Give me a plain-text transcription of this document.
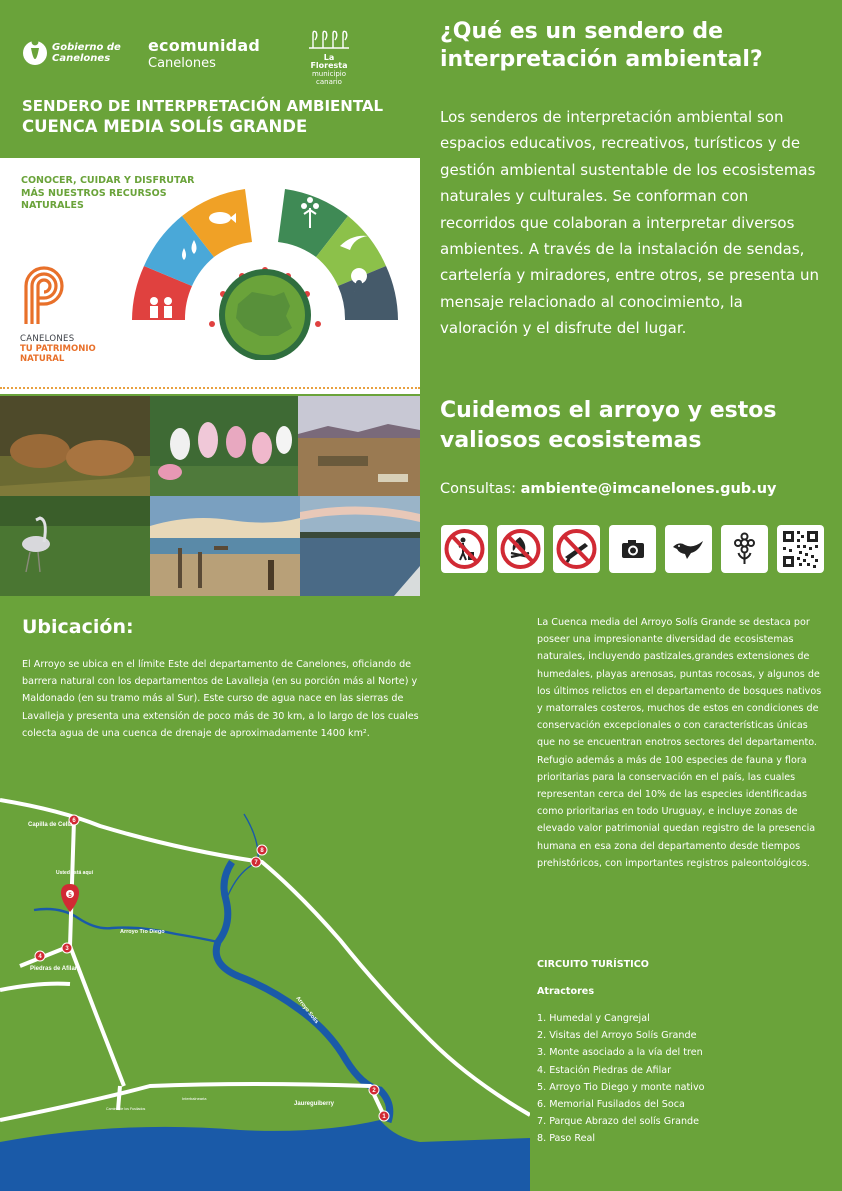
Gobierno de
Canelones
ecomunidad
Canelones	La Floresta
municipio
canario
SENDERO DE INTERPRETACIÓN AMBIENTAL
CUENCA MEDIA SOLÍS GRANDE
CONOCER, CUIDAR Y DISFRUTAR MÁS NUESTROS RECURSOS NATURALES
CANELONES
TU PATRIMONIO NATURAL
¿Qué es un sendero de interpretación ambiental?
Los senderos de interpretación ambiental son espacios educativos, recreativos, turísticos y de gestión ambiental sustentable de los ecosistemas naturales y culturales. Se conforman con recorridos que colaboran a interpretar diversos ambientes. A través de la instalación de sendas, cartelería y miradores, entre otros, se presenta un mensaje relacionado al conocimiento, la valoración y el disfrute del lugar.
Cuidemos el arroyo y estos valiosos ecosistemas
Consultas: ambiente@imcanelones.gub.uy
Ubicación:
El Arroyo se ubica en el límite Este del departamento de Canelones, oficiando de barrera natural con los departamentos de Lavalleja (en su porción más al Norte) y Maldonado (en su tramo más al Sur). Este curso de agua nace en las sierras de Lavalleja y presenta una extensión de poco más de 30 km, a lo largo de los cuales colecta agua de una cuenca de drenaje de aproximadamente 1400 km².
6
8
7
3
4
2
1
5
Capilla de Cella
Usted está aquí
Arroyo Tío Diego
Piedras de Afilar
Arroyo Solís
Jaureguiberry
Interbalnearia
Camino de los Fusilados
La Cuenca media del Arroyo Solís Grande se destaca por poseer una impresionante diversidad de ecosistemas naturales, incluyendo pastizales,grandes extensiones de humedales, playas arenosas, puntas rocosas, y algunos de los últimos relictos en el departamento de bosques nativos y matorrales costeros, muchos de estos en condiciones de conservación excepcionales o con características únicas que no se encuentran enotros sectores del departamento.
Refugio además a más de 100 especies de fauna y flora prioritarias para la conservación en el país, las cuales representan cerca del 10% de las especies identificadas como prioritarias en todo Uruguay, e incluye zonas de elevado valor patrimonial quedan registro de la presencia humana en esa zona del departamento desde tiempos prehistóricos, con importantes registros paleontológicos.
CIRCUITO TURÍSTICO
Atractores
1. Humedal y Cangrejal
2. Visitas del Arroyo Solís Grande
3. Monte asociado a la vía del tren
4. Estación Piedras de Afilar
5. Arroyo Tio Diego y monte nativo
6. Memorial Fusilados del Soca
7. Parque Abrazo del solís Grande
8. Paso Real
